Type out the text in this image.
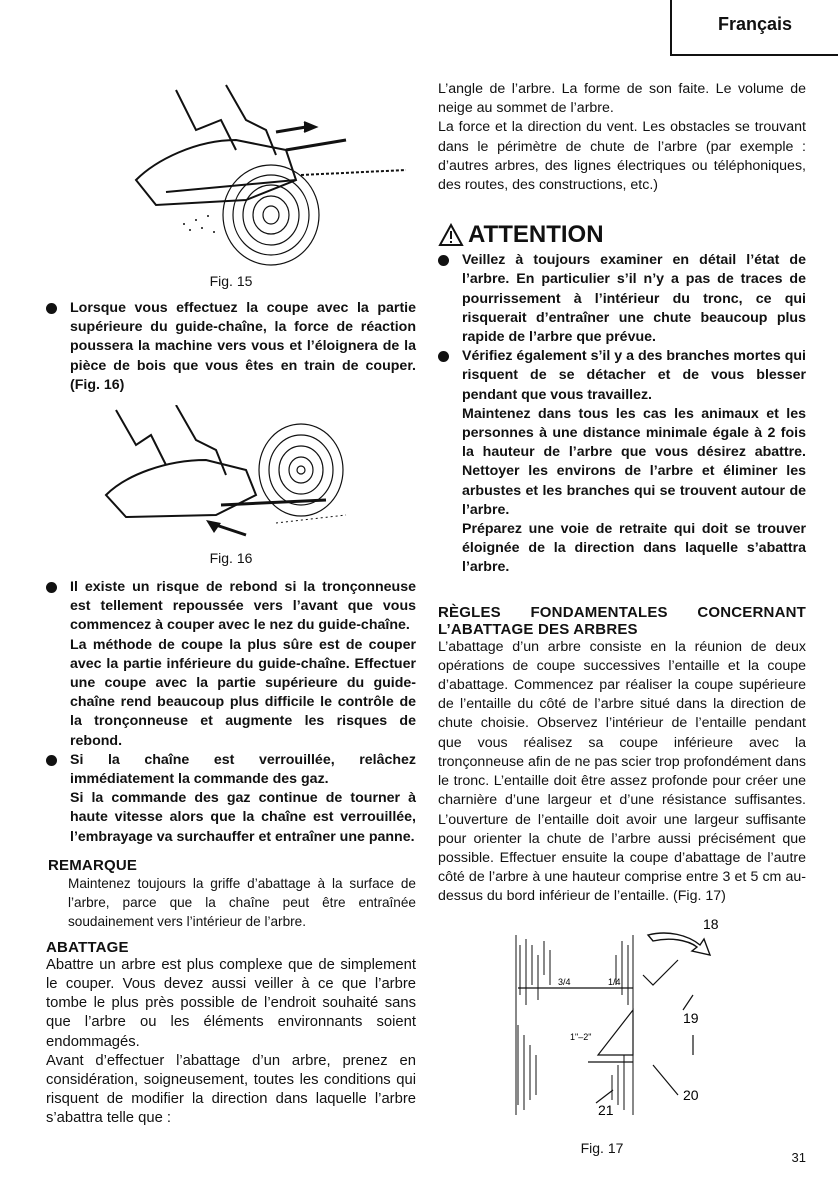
Français

Fig. 15

Lorsque vous effectuez la coupe avec la partie supérieure du guide-chaîne, la force de réaction poussera la machine vers vous et l’éloignera de la pièce de bois que vous êtes en train de couper. (Fig. 16)

Fig. 16

Il existe un risque de rebond si la tronçonneuse est tellement repoussée vers l’avant que vous commencez à couper avec le nez du guide-chaîne.

La méthode de coupe la plus sûre est de couper avec la partie inférieure du guide-chaîne. Effectuer une coupe avec la partie supérieure du guide-chaîne rend beaucoup plus difficile le contrôle de la tronçonneuse et augmente les risques de rebond.

Si la chaîne est verrouillée, relâchez immédiatement la commande des gaz.

Si la commande des gaz continue de tourner à haute vitesse alors que la chaîne est verrouillée, l’embrayage va surchauffer et entraîner une panne.

REMARQUE

Maintenez toujours la griffe d’abattage à la surface de l’arbre, parce que la chaîne peut être entraînée soudainement vers l’intérieur de l’arbre.

ABATTAGE

Abattre un arbre est plus complexe que de simplement le couper. Vous devez aussi veiller à ce que l’arbre tombe le plus près possible de l’endroit souhaité sans que l’arbre ou les éléments environnants soient endommagés.

Avant d’effectuer l’abattage d’un arbre, prenez en considération, soigneusement, toutes les conditions qui risquent de modifier la direction dans laquelle l’arbre s’abattra telle que :

L’angle de l’arbre. La forme de son faite. Le volume de neige au sommet de l’arbre.

La force et la direction du vent. Les obstacles se trouvant dans le périmètre de chute de l’arbre (par exemple : d’autres arbres, des lignes électriques ou téléphoniques, des routes, des constructions, etc.)

ATTENTION

Veillez à toujours examiner en détail l’état de l’arbre. En particulier s’il n’y a pas de traces de pourrissement à l’intérieur du tronc, ce qui risquerait d’entraîner une chute beaucoup plus rapide de l’arbre que prévue.
Vérifiez également s’il y a des branches mortes qui risquent de se détacher et de vous blesser pendant que vous travaillez.

Maintenez dans tous les cas les animaux et les personnes à une distance minimale égale à 2 fois la hauteur de l’arbre que vous désirez abattre. Nettoyer les environs de l’arbre et éliminer les arbustes et les branches qui se trouvent autour de l’arbre.

Préparez une voie de retraite qui doit se trouver éloignée de la direction dans laquelle s’abattra l’arbre.

RÈGLES FONDAMENTALES CONCERNANT

L’ABATTAGE DES ARBRES

L’abattage d’un arbre consiste en la réunion de deux opérations de coupe successives l’entaille et la coupe d’abattage. Commencez par réaliser la coupe supérieure de l’entaille du côté de l’arbre situé dans la direction de chute choisie. Observez l’intérieur de l’entaille pendant que vous réalisez sa coupe inférieure avec la tronçonneuse afin de ne pas scier trop profondément dans le tronc. L’entaille doit être assez profonde pour créer une charnière d’une largeur et d’une résistance suffisantes. L’ouverture de l’entaille doit avoir une largeur suffisante pour orienter la chute de l’arbre aussi précisément que possible. Effectuer ensuite la coupe d’abattage de l’autre côté de l’arbre à une hauteur comprise entre 3 et 5 cm au-dessus du bord inférieur de l’entaille. (Fig. 17)

18
19
20
21
3/4	1/4
1"–2"

Fig. 17

31
